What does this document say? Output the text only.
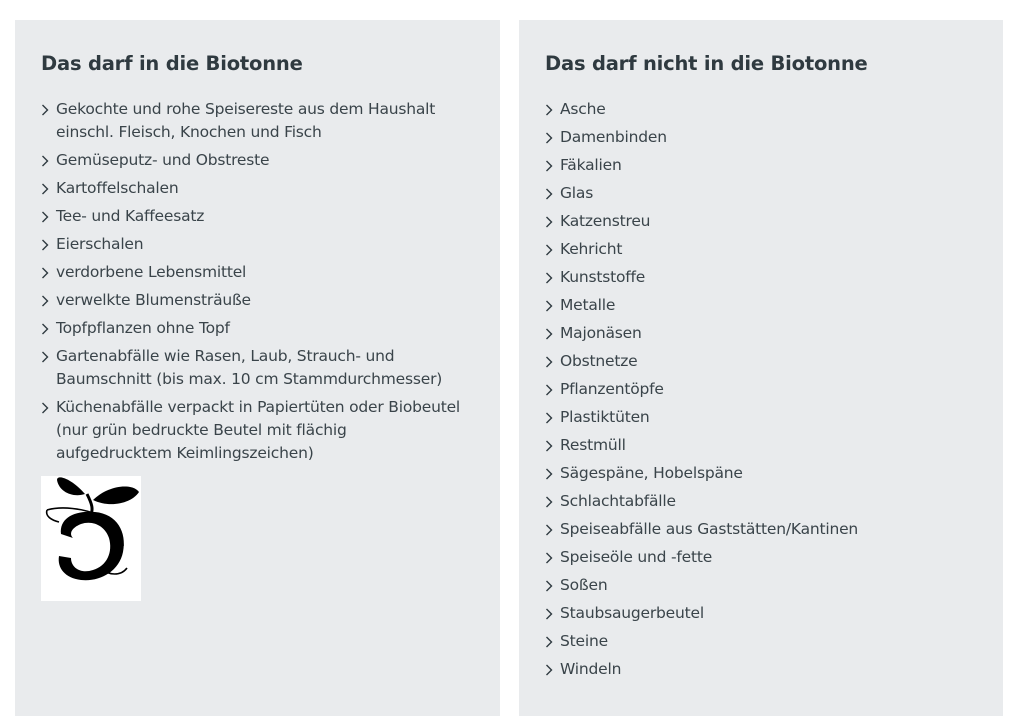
Das darf in die Biotonne
Gekochte und rohe Speisereste aus dem Haushalt einschl. Fleisch, Knochen und Fisch
Gemüseputz- und Obstreste
Kartoffelschalen
Tee- und Kaffeesatz
Eierschalen
verdorbene Lebensmittel
verwelkte Blumensträuße
Topfpflanzen ohne Topf
Gartenabfälle wie Rasen, Laub, Strauch- und Baumschnitt (bis max. 10 cm Stammdurchmesser)
Küchenabfälle verpackt in Papiertüten oder Biobeutel (nur grün bedruckte Beutel mit flächig aufgedrucktem Keimlingszeichen)
Das darf nicht in die Biotonne
Asche
Damenbinden
Fäkalien
Glas
Katzenstreu
Kehricht
Kunststoffe
Metalle
Majonäsen
Obstnetze
Pflanzentöpfe
Plastiktüten
Restmüll
Sägespäne, Hobelspäne
Schlachtabfälle
Speiseabfälle aus Gaststätten/Kantinen
Speiseöle und -fette
Soßen
Staubsaugerbeutel
Steine
Windeln
